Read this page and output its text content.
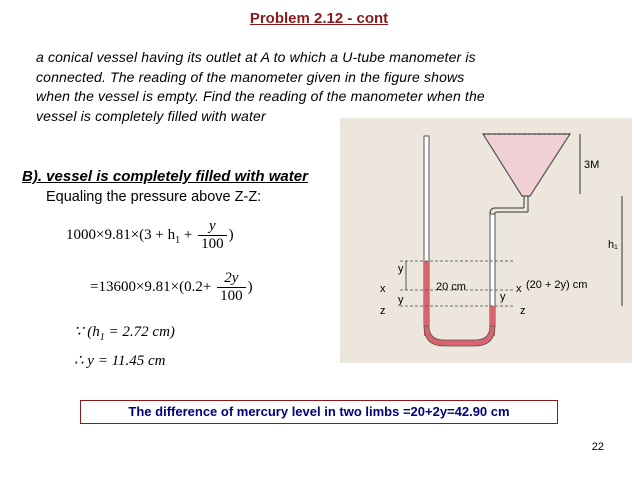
Problem 2.12 - cont
a conical vessel having its outlet at A to which a U-tube manometer is
connected. The reading of the manometer given in the figure shows
when the vessel is empty. Find the reading of the manometer when the
vessel is completely filled with water
3M
h₁
y
y	y
x
z
x
z
20 cm	(20 + 2y) cm
B). vessel is completely filled with water
Equaling the pressure above Z-Z:
$1000\times 9.81\times(3 + h_1 + \frac{y}{100}$ )
$=13600\times 9.81\times(0.2+ \frac{2y}{100}$ )
∵ ($h_1 = 2.72$ cm)
∴ y = 11.45 cm
The difference of mercury level in two limbs =20+2y=42.90 cm
22
